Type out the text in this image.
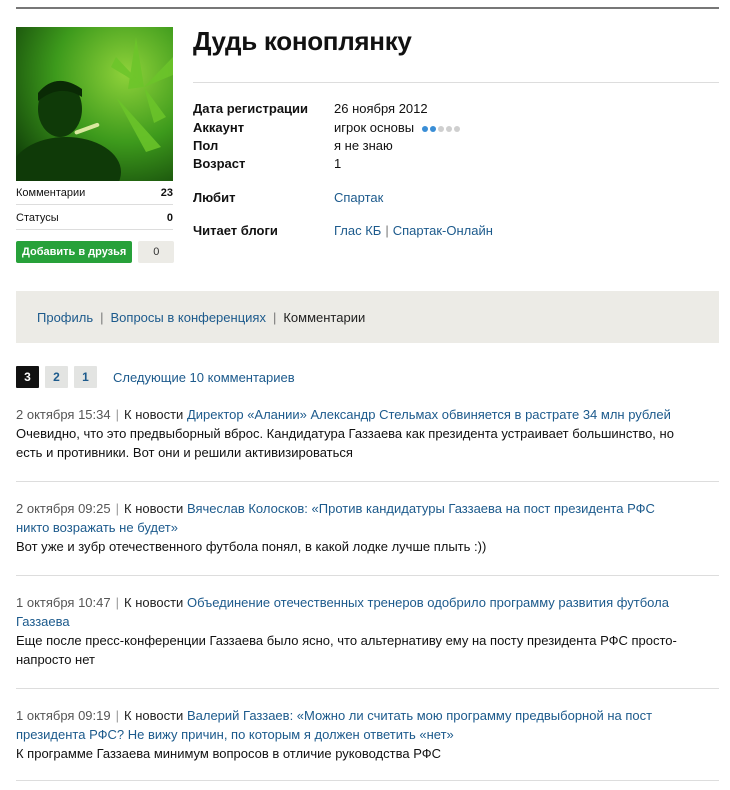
Комментарии	23
Статусы	0
Добавить в друзья	0
Дудь коноплянку
Дата регистрации 26 ноября 2012
Аккаунт	игрок основы
Пол	я не знаю
Возраст	1
Любит	Спартак
Читает блоги	Глас КБ | Спартак-Онлайн
Профиль | Вопросы в конференциях | Комментарии
3	2	1	Следующие 10 комментариев
2 октября 15:34 | К новости Директор «Алании» Александр Стельмах обвиняется в растрате 34 млн рублей
Очевидно, что это предвыборный вброс. Кандидатура Газзаева как президента устраивает большинство, но
есть и противники. Вот они и решили активизироваться
2 октября 09:25 | К новости Вячеслав Колосков: «Против кандидатуры Газзаева на пост президента РФС
никто возражать не будет»
Вот уже и зубр отечественного футбола понял, в какой лодке лучше плыть :))
1 октября 10:47 | К новости Объединение отечественных тренеров одобрило программу развития футбола
Газзаева
Еще после пресс-конференции Газзаева было ясно, что альтернативу ему на посту президента РФС просто-
напросто нет
1 октября 09:19 | К новости Валерий Газзаев: «Можно ли считать мою программу предвыборной на пост
президента РФС? Не вижу причин, по которым я должен ответить «нет»
К программе Газзаева минимум вопросов в отличие руководства РФС
